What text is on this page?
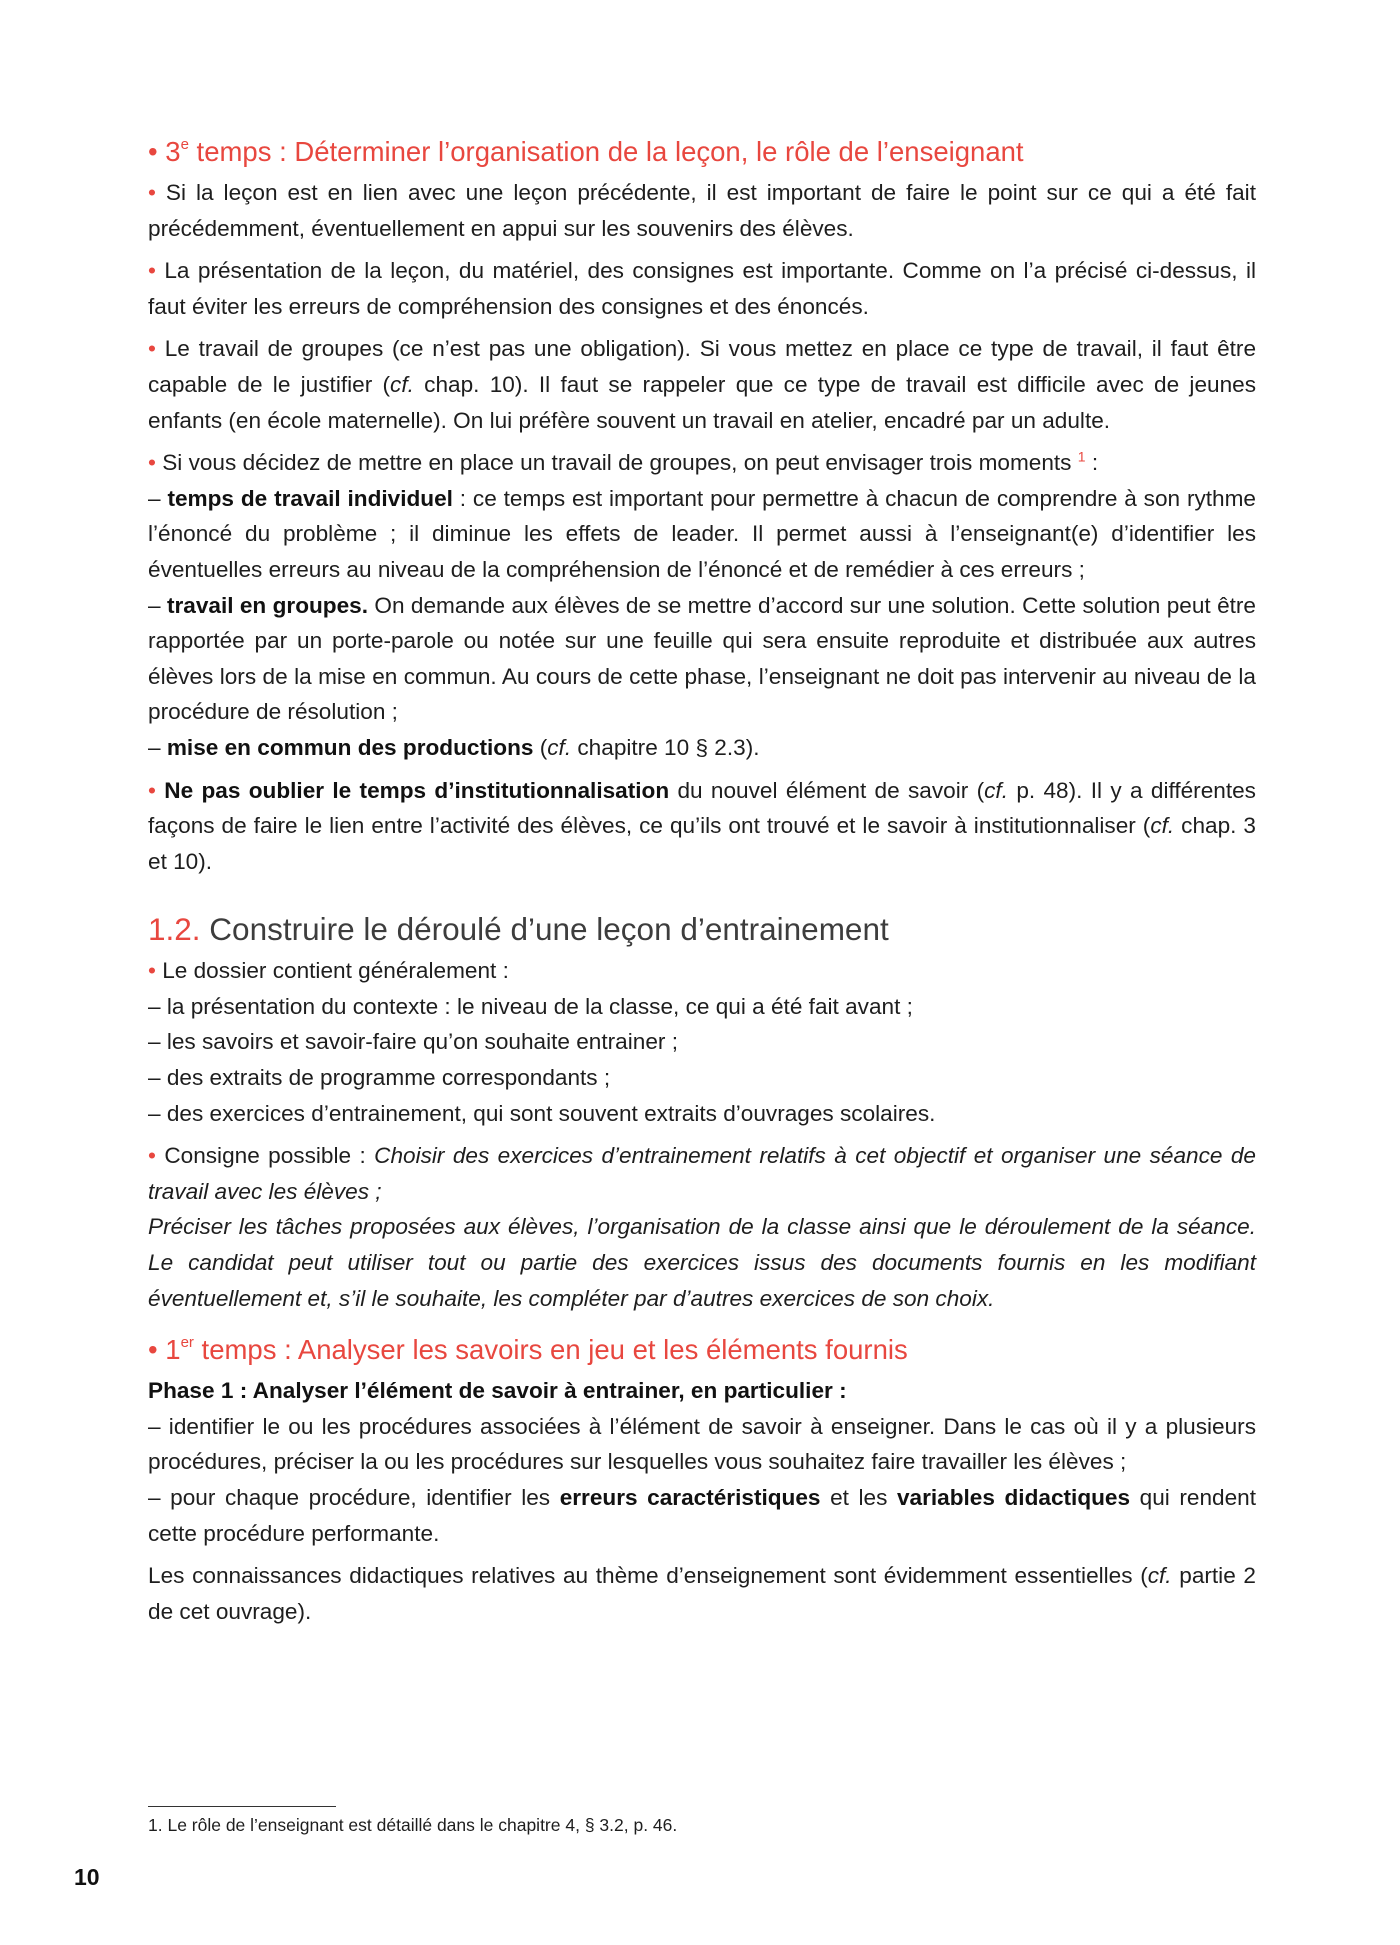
• 3e temps : Déterminer l’organisation de la leçon, le rôle de l’enseignant

• Si la leçon est en lien avec une leçon précédente, il est important de faire le point sur ce qui a été fait précédemment, éventuellement en appui sur les souvenirs des élèves.

• La présentation de la leçon, du matériel, des consignes est importante. Comme on l’a précisé ci-dessus, il faut éviter les erreurs de compréhension des consignes et des énoncés.

• Le travail de groupes (ce n’est pas une obligation). Si vous mettez en place ce type de travail, il faut être capable de le justifier (cf. chap. 10). Il faut se rappeler que ce type de travail est difficile avec de jeunes enfants (en école maternelle). On lui préfère souvent un travail en atelier, encadré par un adulte.

• Si vous décidez de mettre en place un travail de groupes, on peut envisager trois moments $^1$ :
– temps de travail individuel : ce temps est important pour permettre à chacun de comprendre à son rythme l’énoncé du problème ; il diminue les effets de leader. Il permet aussi à l’enseignant(e) d’identifier les éventuelles erreurs au niveau de la compréhension de l’énoncé et de remédier à ces erreurs ;
– travail en groupes. On demande aux élèves de se mettre d’accord sur une solution. Cette solution peut être rapportée par un porte-parole ou notée sur une feuille qui sera ensuite reproduite et distribuée aux autres élèves lors de la mise en commun. Au cours de cette phase, l’enseignant ne doit pas intervenir au niveau de la procédure de résolution ;
– mise en commun des productions (cf. chapitre 10 § 2.3).

• Ne pas oublier le temps d’institutionnalisation du nouvel élément de savoir (cf. p. 48). Il y a différentes façons de faire le lien entre l’activité des élèves, ce qu’ils ont trouvé et le savoir à institutionnaliser (cf. chap. 3 et 10).

1.2. Construire le déroulé d’une leçon d’entrainement

• Le dossier contient généralement :
– la présentation du contexte : le niveau de la classe, ce qui a été fait avant ;
– les savoirs et savoir-faire qu’on souhaite entrainer ;
– des extraits de programme correspondants ;
– des exercices d’entrainement, qui sont souvent extraits d’ouvrages scolaires.

• Consigne possible : Choisir des exercices d’entrainement relatifs à cet objectif et organiser une séance de travail avec les élèves ;
Préciser les tâches proposées aux élèves, l’organisation de la classe ainsi que le déroulement de la séance. Le candidat peut utiliser tout ou partie des exercices issus des documents fournis en les modifiant éventuellement et, s’il le souhaite, les compléter par d’autres exercices de son choix.

• 1er temps : Analyser les savoirs en jeu et les éléments fournis

Phase 1 : Analyser l’élément de savoir à entrainer, en particulier :
– identifier le ou les procédures associées à l’élément de savoir à enseigner. Dans le cas où il y a plusieurs procédures, préciser la ou les procédures sur lesquelles vous souhaitez faire travailler les élèves ;
– pour chaque procédure, identifier les erreurs caractéristiques et les variables didactiques qui rendent cette procédure performante.

Les connaissances didactiques relatives au thème d’enseignement sont évidemment essentielles (cf. partie 2 de cet ouvrage).

1. Le rôle de l’enseignant est détaillé dans le chapitre 4, § 3.2, p. 46.
10
